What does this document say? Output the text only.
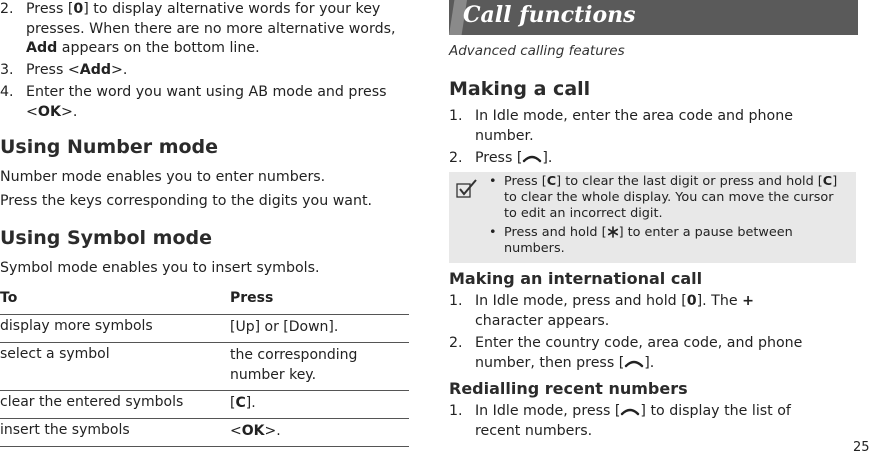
2. Press [0] to display alternative words for your key presses. When there are no more alternative words, Add appears on the bottom line.
3. Press <Add>.
4. Enter the word you want using AB mode and press <OK>.
Using Number mode
Number mode enables you to enter numbers.
Press the keys corresponding to the digits you want.
Using Symbol mode
Symbol mode enables you to insert symbols.
To	Press
display more symbols	[Up] or [Down].
select a symbol	the corresponding number key.
clear the entered symbols	[C].
insert the symbols	<OK>.
Call functions
Advanced calling features
Making a call
1. In Idle mode, enter the area code and phone number.
2. Press [ ].
• Press [C] to clear the last digit or press and hold [C] to clear the whole display. You can move the cursor to edit an incorrect digit.
• Press and hold [ ] to enter a pause between numbers.
Making an international call
1. In Idle mode, press and hold [0]. The + character appears.
2. Enter the country code, area code, and phone number, then press [ ].
Redialling recent numbers
1. In Idle mode, press [ ] to display the list of recent numbers.
25
